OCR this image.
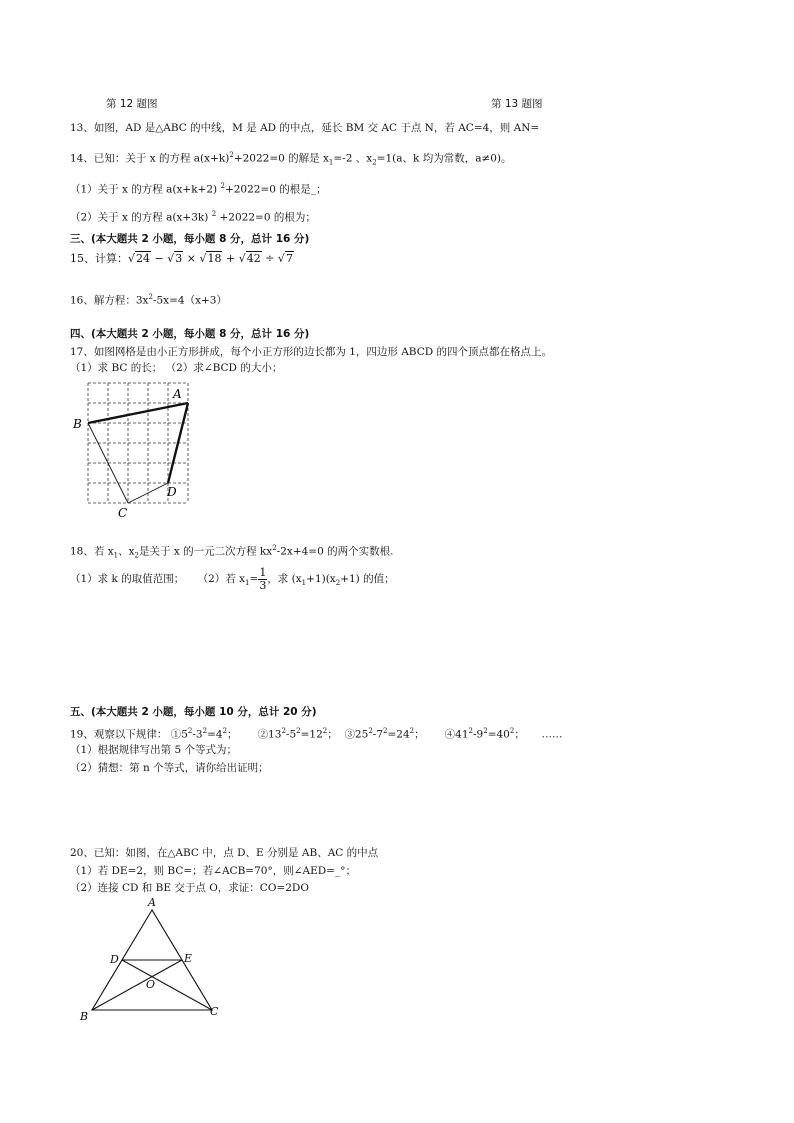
第 12 题图	第 13 题图
13、如图，AD 是△ABC 的中线，M 是 AD 的中点，延长 BM 交 AC 于点 N，若 AC=4，则 AN=
14、已知：关于 x 的方程 $a(x+k)^2+2022=0$ 的解是 $x_1=-2$ 、$x_2=1(a$、k 均为常数，a≠0)。
（1）关于 x 的方程 a(x+k+2) $^2$+2022=0 的根是_；
（2）关于 x 的方程 a(x+3k) $^2$ +2022=0 的根为；
三、(本大题共 2 小题，每小题 8 分，总计 16 分)
15、计算：√24 − √3 × √18 + √42 ÷ √7
16、解方程：$3x^2-5x=4(x+3)$
四、(本大题共 2 小题，每小题 8 分，总计 16 分)
17、如图网格是由小正方形拼成，每个小正方形的边长都为 1，四边形 ABCD 的四个顶点都在格点上。
（1）求 BC 的长； （2）求∠BCD 的大小；
A
B
C
D
18、若 $x_1$、$x_2$是关于 x 的一元二次方程 $kx^2-2x+4=0$ 的两个实数根.
（1）求 k 的取值范围； （2）若 $x_1= \frac{1}{3}$ ，求 $(x_1+1)(x_2+1)$ 的值；
五、(本大题共 2 小题，每小题 10 分，总计 20 分)
19、观察以下规律： $①5^2-3^2=4^2$； $②13^2-5^2=12^2$； $③25^2-7^2=24^2$； $④41^2-9^2=40^2$； ……
（1）根据规律写出第 5 个等式为；
（2）猜想：第 n 个等式，请你给出证明；
20、已知：如图，在△ABC 中，点 D、E 分别是 AB、AC 的中点
（1）若 DE=2，则 BC=；若∠ACB=70°，则∠AED=_°；
（2）连接 CD 和 BE 交于点 O，求证：CO=2DO
A
B	C
D	E
O
